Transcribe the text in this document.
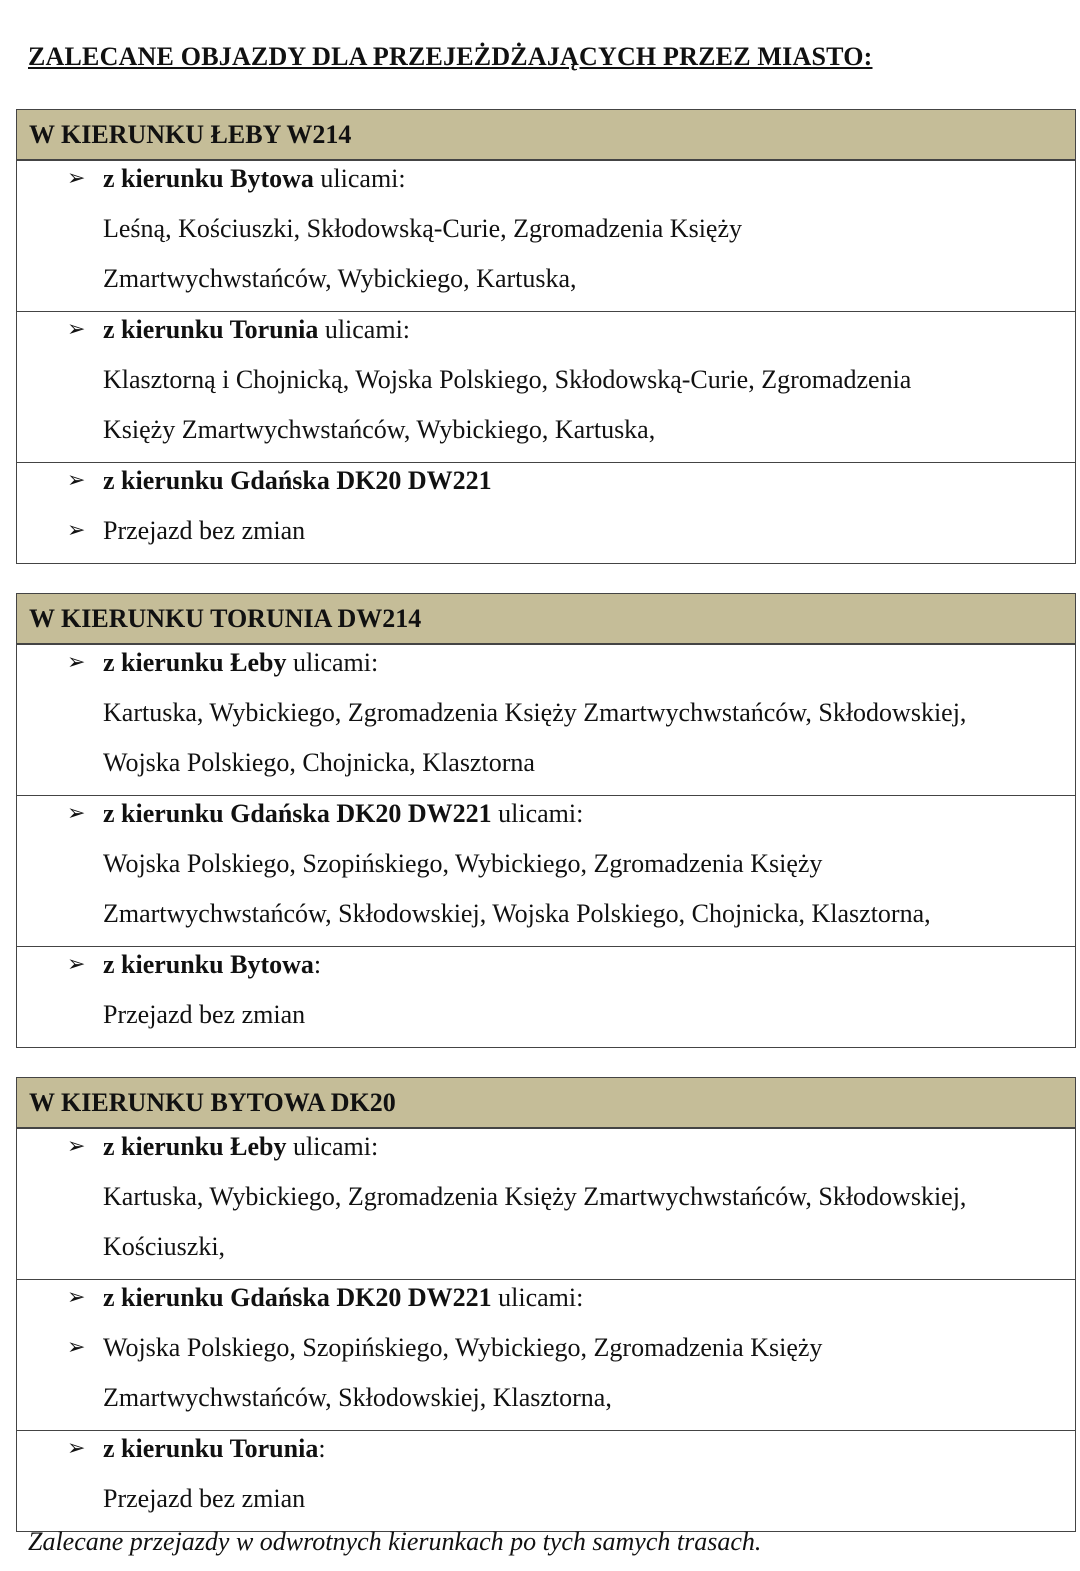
ZALECANE OBJAZDY DLA PRZEJEŻDŻAJĄCYCH PRZEZ MIASTO:
W KIERUNKU ŁEBY W214
➢ z kierunku Bytowa ulicami:
Leśną, Kościuszki, Skłodowską-Curie, Zgromadzenia Księży
Zmartwychwstańców, Wybickiego, Kartuska,
➢ z kierunku Torunia ulicami:
Klasztorną i Chojnicką, Wojska Polskiego, Skłodowską-Curie, Zgromadzenia
Księży Zmartwychwstańców, Wybickiego, Kartuska,
➢ z kierunku Gdańska DK20 DW221
➢ Przejazd bez zmian
W KIERUNKU TORUNIA DW214
➢ z kierunku Łeby ulicami:
Kartuska, Wybickiego, Zgromadzenia Księży Zmartwychwstańców, Skłodowskiej,
Wojska Polskiego, Chojnicka, Klasztorna
➢ z kierunku Gdańska DK20 DW221 ulicami:
Wojska Polskiego, Szopińskiego, Wybickiego, Zgromadzenia Księży
Zmartwychwstańców, Skłodowskiej, Wojska Polskiego, Chojnicka, Klasztorna,
➢ z kierunku Bytowa:
Przejazd bez zmian
W KIERUNKU BYTOWA DK20
➢ z kierunku Łeby ulicami:
Kartuska, Wybickiego, Zgromadzenia Księży Zmartwychwstańców, Skłodowskiej,
Kościuszki,
➢ z kierunku Gdańska DK20 DW221 ulicami:
➢ Wojska Polskiego, Szopińskiego, Wybickiego, Zgromadzenia Księży
Zmartwychwstańców, Skłodowskiej, Klasztorna,
➢ z kierunku Torunia:
Przejazd bez zmian
Zalecane przejazdy w odwrotnych kierunkach po tych samych trasach.
